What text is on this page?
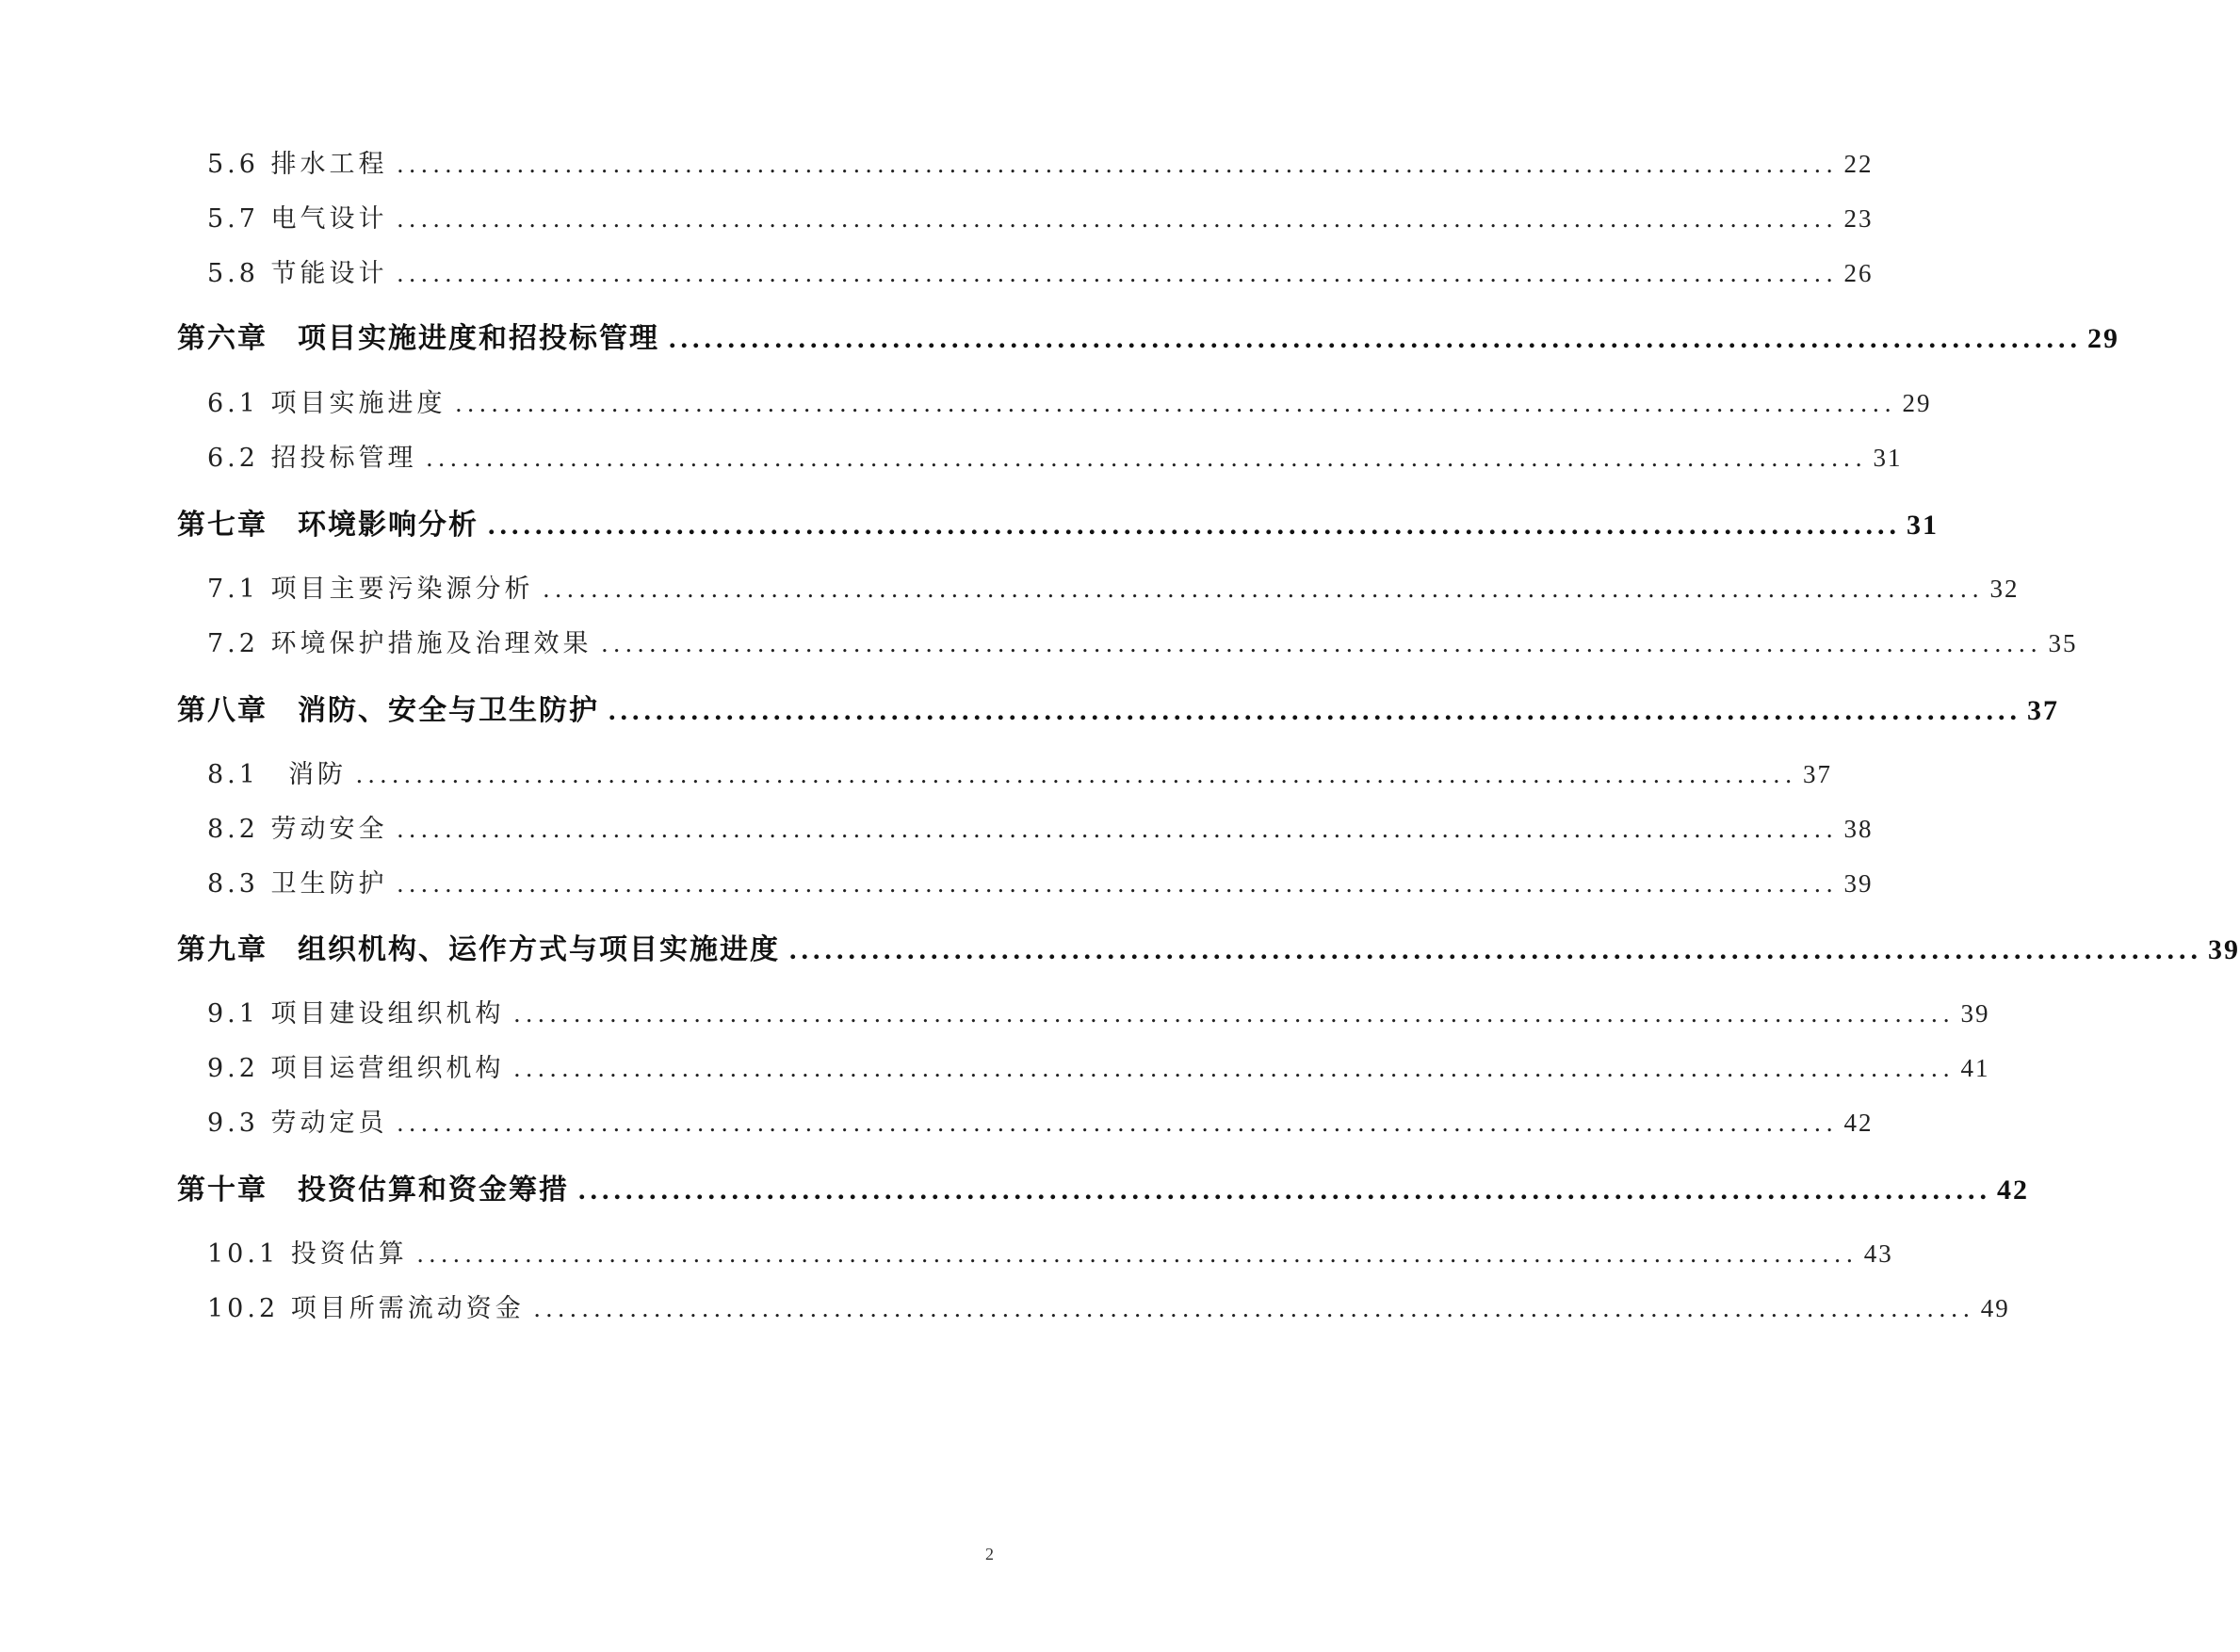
5.6 排水工程 ........................................................................................................................ 22
5.7 电气设计 ........................................................................................................................ 23
5.8 节能设计 ........................................................................................................................ 26
第六章　项目实施进度和招投标管理 ........................................................................................................................ 29
6.1 项目实施进度 ........................................................................................................................ 29
6.2 招投标管理 ........................................................................................................................ 31
第七章　环境影响分析 ........................................................................................................................ 31
7.1 项目主要污染源分析 ........................................................................................................................ 32
7.2 环境保护措施及治理效果 ........................................................................................................................ 35
第八章　消防、安全与卫生防护 ........................................................................................................................ 37
8.1　消防 ........................................................................................................................ 37
8.2 劳动安全 ........................................................................................................................ 38
8.3 卫生防护 ........................................................................................................................ 39
第九章　组织机构、运作方式与项目实施进度 ........................................................................................................................ 39
9.1 项目建设组织机构 ........................................................................................................................ 39
9.2 项目运营组织机构 ........................................................................................................................ 41
9.3 劳动定员 ........................................................................................................................ 42
第十章　投资估算和资金筹措 ........................................................................................................................ 42
10.1 投资估算 ........................................................................................................................ 43
10.2 项目所需流动资金 ........................................................................................................................ 49
2
